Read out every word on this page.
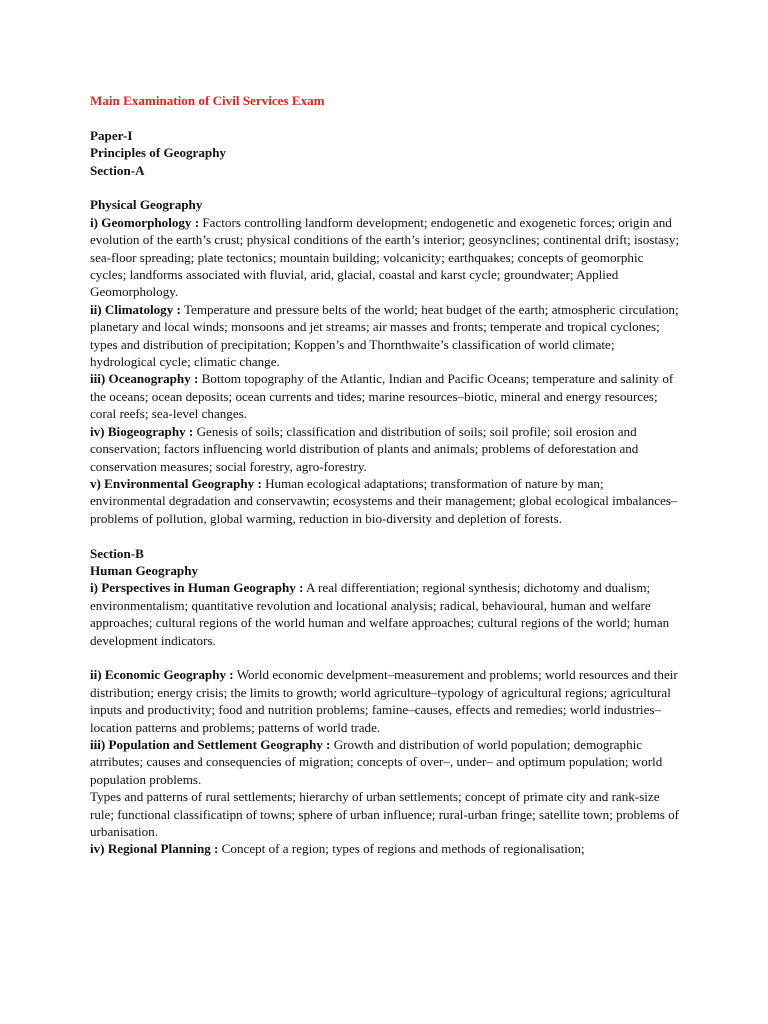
Main Examination of Civil Services Exam

Paper-I

Principles of Geography

Section-A

Physical Geography

i) Geomorphology : Factors controlling landform development; endogenetic and exogenetic forces; origin and evolution of the earth’s crust; physical conditions of the earth’s interior; geosynclines; continental drift; isostasy; sea-floor spreading; plate tectonics; mountain building; volcanicity; earthquakes; concepts of geomorphic cycles; landforms associated with fluvial, arid, glacial, coastal and karst cycle; groundwater; Applied Geomorphology.

ii) Climatology : Temperature and pressure belts of the world; heat budget of the earth; atmospheric circulation; planetary and local winds; monsoons and jet streams; air masses and fronts; temperate and tropical cyclones; types and distribution of precipitation; Koppen’s and Thornthwaite’s classification of world climate; hydrological cycle; climatic change.

iii) Oceanography : Bottom topography of the Atlantic, Indian and Pacific Oceans; temperature and salinity of the oceans; ocean deposits; ocean currents and tides; marine resources–biotic, mineral and energy resources; coral reefs; sea-level changes.

iv) Biogeography : Genesis of soils; classification and distribution of soils; soil profile; soil erosion and conservation; factors influencing world distribution of plants and animals; problems of deforestation and conservation measures; social forestry, agro-forestry.

v) Environmental Geography : Human ecological adaptations; transformation of nature by man; environmental degradation and conservawtin; ecosystems and their management; global ecological imbalances–problems of pollution, global warming, reduction in bio-diversity and depletion of forests.

Section-B

Human Geography

i) Perspectives in Human Geography : A real differentiation; regional synthesis; dichotomy and dualism; environmentalism; quantitative revolution and locational analysis; radical, behavioural, human and welfare approaches; cultural regions of the world human and welfare approaches; cultural regions of the world; human development indicators.

ii) Economic Geography : World economic develpment–measurement and problems; world resources and their distribution; energy crisis; the limits to growth; world agriculture–typology of agricultural regions; agricultural inputs and productivity; food and nutrition problems; famine–causes, effects and remedies; world industries–location patterns and problems; patterns of world trade.

iii) Population and Settlement Geography : Growth and distribution of world population; demographic atrributes; causes and consequencies of migration; concepts of over–, under– and optimum population; world population problems.

Types and patterns of rural settlements; hierarchy of urban settlements; concept of primate city and rank-size rule; functional classificatipn of towns; sphere of urban influence; rural-urban fringe; satellite town; problems of urbanisation.

iv) Regional Planning : Concept of a region; types of regions and methods of regionalisation;
